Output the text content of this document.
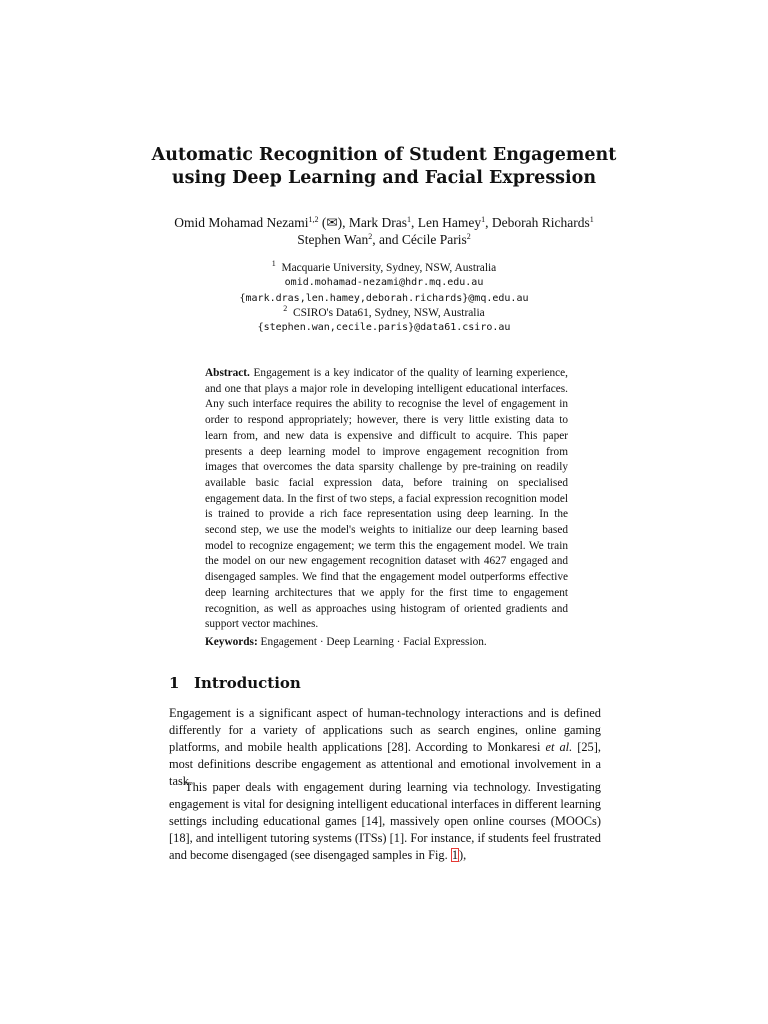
Automatic Recognition of Student Engagement
using Deep Learning and Facial Expression
Omid Mohamad Nezami$^{1,2}$ (✉), Mark Dras$^1$, Len Hamey$^1$, Deborah Richards$^1$
Stephen Wan$^2$, and Cécile Paris$^2$
$^1$ Macquarie University, Sydney, NSW, Australia
omid.mohamad-nezami@hdr.mq.edu.au
{mark.dras,len.hamey,deborah.richards}@mq.edu.au
$^2$ CSIRO's Data61, Sydney, NSW, Australia
{stephen.wan,cecile.paris}@data61.csiro.au

Abstract. Engagement is a key indicator of the quality of learning experience, and one that plays a major role in developing intelligent educational interfaces. Any such interface requires the ability to recognise the level of engagement in order to respond appropriately; however, there is very little existing data to learn from, and new data is expensive and difficult to acquire. This paper presents a deep learning model to improve engagement recognition from images that overcomes the data sparsity challenge by pre-training on readily available basic facial expression data, before training on specialised engagement data. In the first of two steps, a facial expression recognition model is trained to provide a rich face representation using deep learning. In the second step, we use the model's weights to initialize our deep learning based model to recognize engagement; we term this the engagement model. We train the model on our new engagement recognition dataset with 4627 engaged and disengaged samples. We find that the engagement model outperforms effective deep learning architectures that we apply for the first time to engagement recognition, as well as approaches using histogram of oriented gradients and support vector machines.

Keywords: Engagement · Deep Learning · Facial Expression.

1 Introduction

Engagement is a significant aspect of human-technology interactions and is defined differently for a variety of applications such as search engines, online gaming platforms, and mobile health applications [28]. According to Monkaresi et al. [25], most definitions describe engagement as attentional and emotional involvement in a task.

This paper deals with engagement during learning via technology. Investigating engagement is vital for designing intelligent educational interfaces in different learning settings including educational games [14], massively open online courses (MOOCs) [18], and intelligent tutoring systems (ITSs) [1]. For instance, if students feel frustrated and become disengaged (see disengaged samples in Fig. 1),
